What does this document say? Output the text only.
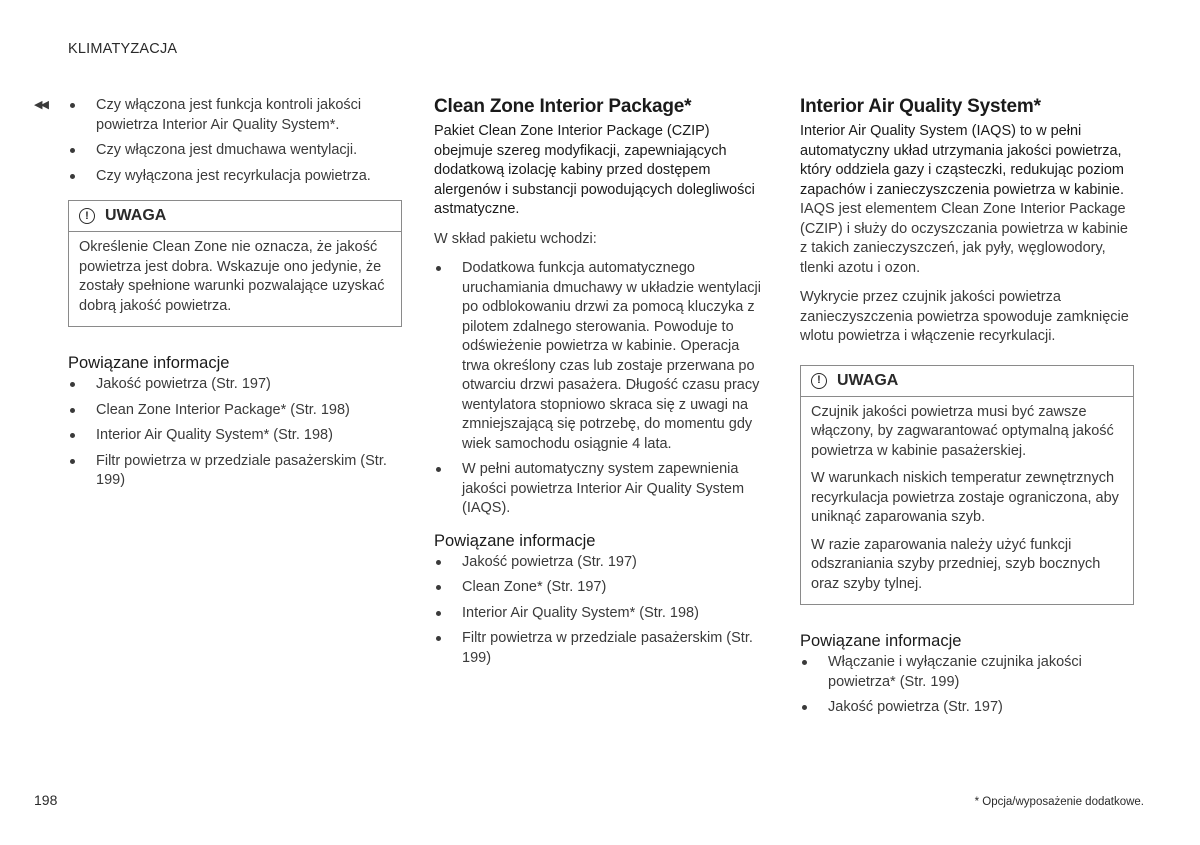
KLIMATYZACJA
◀◀	Czy włączona jest funkcja kontroli jakości powietrza Interior Air Quality System*.
Czy włączona jest dmuchawa wentylacji.
Czy wyłączona jest recyrkulacja powietrza.
!	UWAGA

Określenie Clean Zone nie oznacza, że jakość powietrza jest dobra. Wskazuje ono jedynie, że zostały spełnione warunki pozwalające uzyskać dobrą jakość powietrza.

Powiązane informacje
Jakość powietrza (Str. 197)
Clean Zone Interior Package* (Str. 198)
Interior Air Quality System* (Str. 198)
Filtr powietrza w przedziale pasażerskim (Str. 199)
Clean Zone Interior Package*

Pakiet Clean Zone Interior Package (CZIP) obejmuje szereg modyfikacji, zapewniających dodatkową izolację kabiny przed dostępem alergenów i substancji powodujących dolegliwości astmatyczne.

W skład pakietu wchodzi:

Dodatkowa funkcja automatycznego uruchamiania dmuchawy w układzie wentylacji po odblokowaniu drzwi za pomocą kluczyka z pilotem zdalnego sterowania. Powoduje to odświeżenie powietrza w kabinie. Operacja trwa określony czas lub zostaje przerwana po otwarciu drzwi pasażera. Długość czasu pracy wentylatora stopniowo skraca się z uwagi na zmniejszającą się potrzebę, do momentu gdy wiek samochodu osiągnie 4 lata.
W pełni automatyczny system zapewnienia jakości powietrza Interior Air Quality System (IAQS).
Powiązane informacje
Jakość powietrza (Str. 197)
Clean Zone* (Str. 197)
Interior Air Quality System* (Str. 198)
Filtr powietrza w przedziale pasażerskim (Str. 199)
Interior Air Quality System*

Interior Air Quality System (IAQS) to w pełni automatyczny układ utrzymania jakości powietrza, który oddziela gazy i cząsteczki, redukując poziom zapachów i zanieczyszczenia powietrza w kabinie.

IAQS jest elementem Clean Zone Interior Package (CZIP) i służy do oczyszczania powietrza w kabinie z takich zanieczyszczeń, jak pyły, węglowodory, tlenki azotu i ozon.

Wykrycie przez czujnik jakości powietrza zanieczyszczenia powietrza spowoduje zamknięcie wlotu powietrza i włączenie recyrkulacji.

!	UWAGA

Czujnik jakości powietrza musi być zawsze włączony, by zagwarantować optymalną jakość powietrza w kabinie pasażerskiej.

W warunkach niskich temperatur zewnętrznych recyrkulacja powietrza zostaje ograniczona, aby uniknąć zaparowania szyb.

W razie zaparowania należy użyć funkcji odszraniania szyby przedniej, szyb bocznych oraz szyby tylnej.

Powiązane informacje
Włączanie i wyłączanie czujnika jakości powietrza* (Str. 199)
Jakość powietrza (Str. 197)
198	* Opcja/wyposażenie dodatkowe.
